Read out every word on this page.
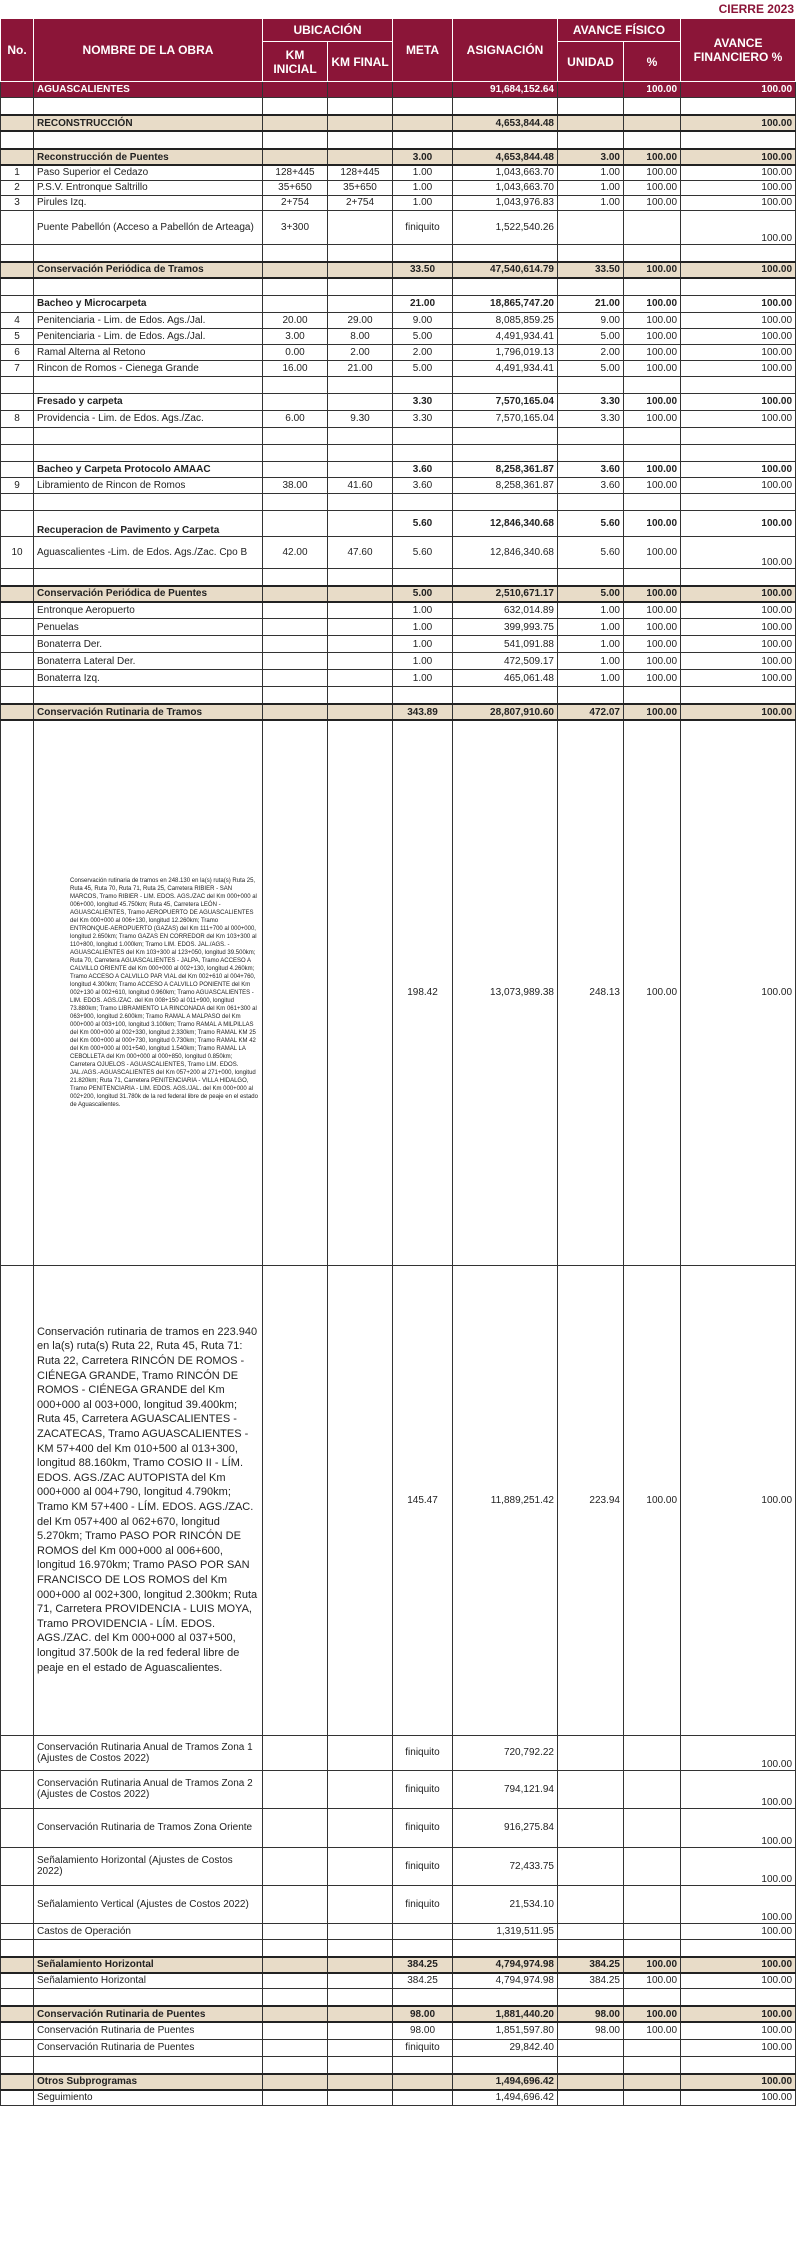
CIERRE 2023
No.	NOMBRE DE LA OBRA	UBICACIÓN		META	ASIGNACIÓN	AVANCE FÍSICO		AVANCE FINANCIERO %
		KM INICIAL	KM FINAL			UNIDAD	%	
	AGUASCALIENTES				91,684,152.64		100.00	100.00

	RECONSTRUCCIÓN				4,653,844.48			100.00

	Reconstrucción de Puentes			3.00	4,653,844.48	3.00	100.00	100.00
1	Paso Superior el Cedazo	128+445	128+445	1.00	1,043,663.70	1.00	100.00	100.00
2	P.S.V. Entronque Saltrillo	35+650	35+650	1.00	1,043,663.70	1.00	100.00	100.00
3	Pirules Izq.	2+754	2+754	1.00	1,043,976.83	1.00	100.00	100.00
	Puente Pabellón (Acceso a Pabellón de Arteaga)	3+300		finiquito	1,522,540.26			100.00

	Conservación Periódica de Tramos			33.50	47,540,614.79	33.50	100.00	100.00

	Bacheo y Microcarpeta			21.00	18,865,747.20	21.00	100.00	100.00
4	Penitenciaria - Lim. de Edos. Ags./Jal.	20.00	29.00	9.00	8,085,859.25	9.00	100.00	100.00
5	Penitenciaria - Lim. de Edos. Ags./Jal.	3.00	8.00	5.00	4,491,934.41	5.00	100.00	100.00
6	Ramal Alterna al Retono	0.00	2.00	2.00	1,796,019.13	2.00	100.00	100.00
7	Rincon de Romos - Cienega Grande	16.00	21.00	5.00	4,491,934.41	5.00	100.00	100.00

	Fresado y carpeta			3.30	7,570,165.04	3.30	100.00	100.00
8	Providencia - Lim. de Edos. Ags./Zac.	6.00	9.30	3.30	7,570,165.04	3.30	100.00	100.00

	Bacheo y Carpeta Protocolo AMAAC			3.60	8,258,361.87	3.60	100.00	100.00
9	Libramiento de Rincon de Romos	38.00	41.60	3.60	8,258,361.87	3.60	100.00	100.00

	Recuperacion de Pavimento y Carpeta			5.60	12,846,340.68	5.60	100.00	100.00
10	Aguascalientes -Lim. de Edos. Ags./Zac. Cpo B	42.00	47.60	5.60	12,846,340.68	5.60	100.00	100.00

	Conservación Periódica de Puentes			5.00	2,510,671.17	5.00	100.00	100.00
	Entronque Aeropuerto			1.00	632,014.89	1.00	100.00	100.00
	Penuelas			1.00	399,993.75	1.00	100.00	100.00
	Bonaterra Der.			1.00	541,091.88	1.00	100.00	100.00
	Bonaterra Lateral Der.			1.00	472,509.17	1.00	100.00	100.00
	Bonaterra Izq.			1.00	465,061.48	1.00	100.00	100.00

	Conservación Rutinaria de Tramos			343.89	28,807,910.60	472.07	100.00	100.00
	Conservación rutinaria de tramos en 248.130 en la(s) ruta(s) Ruta 25, Ruta 45, Ruta 70, Ruta 71, Ruta 25, Carretera RIBIER - SAN MARCOS, Tramo RIBIER - LIM. EDOS. AGS./ZAC del Km 000+000 al 006+000, longitud 45.750km; Ruta 45, Carretera LEÓN - AGUASCALIENTES, Tramo AEROPUERTO DE AGUASCALIENTES del Km 000+000 al 006+130, longitud 12.260km; Tramo ENTRONQUE-AEROPUERTO (GAZAS) del Km 111+700 al 000+000, longitud 2.650km; Tramo GAZAS EN CORREDOR del Km 103+300 al 110+800, longitud 1.000km; Tramo LIM. EDOS. JAL./AGS. - AGUASCALIENTES del Km 103+300 al 123+050, longitud 39.500km; Ruta 70, Carretera AGUASCALIENTES - JALPA, Tramo ACCESO A CALVILLO ORIENTE del Km 000+000 al 002+130, longitud 4.260km; Tramo ACCESO A CALVILLO PAR VIAL del Km 002+610 al 004+760, longitud 4.300km; Tramo ACCESO A CALVILLO PONIENTE del Km 002+130 al 002+610, longitud 0.960km; Tramo AGUASCALIENTES - LIM. EDOS. AGS./ZAC. del Km 008+150 al 011+900, longitud 73.880km; Tramo LIBRAMIENTO LA RINCONADA del Km 061+300 al 063+900, longitud 2.600km; Tramo RAMAL A MALPASO del Km 000+000 al 003+100, longitud 3.100km; Tramo RAMAL A MILPILLAS del Km 000+000 al 002+330, longitud 2.330km; Tramo RAMAL KM 25 del Km 000+000 al 000+730, longitud 0.730km; Tramo RAMAL KM 42 del Km 000+000 al 001+540, longitud 1.540km; Tramo RAMAL LA CEBOLLETA del Km 000+000 al 000+850, longitud 0.850km; Carretera OJUELOS - AGUASCALIENTES, Tramo LIM. EDOS. JAL./AGS.-AGUASCALIENTES del Km 057+200 al 271+000, longitud 21.820km; Ruta 71, Carretera PENITENCIARIA - VILLA HIDALGO, Tramo PENITENCIARIA - LIM. EDOS. AGS./JAL. del Km 000+000 al 002+200, longitud 31.780k de la red federal libre de peaje en el estado de Aguascalientes.			198.42	13,073,989.38	248.13	100.00	100.00
	Conservación rutinaria de tramos en 223.940 en la(s) ruta(s) Ruta 22, Ruta 45, Ruta 71: Ruta 22, Carretera RINCÓN DE ROMOS - CIÉNEGA GRANDE, Tramo RINCÓN DE ROMOS - CIÉNEGA GRANDE del Km 000+000 al 003+000, longitud 39.400km; Ruta 45, Carretera AGUASCALIENTES - ZACATECAS, Tramo AGUASCALIENTES - KM 57+400 del Km 010+500 al 013+300, longitud 88.160km, Tramo COSIO II - LÍM. EDOS. AGS./ZAC AUTOPISTA del Km 000+000 al 004+790, longitud 4.790km; Tramo KM 57+400 - LÍM. EDOS. AGS./ZAC. del Km 057+400 al 062+670, longitud 5.270km; Tramo PASO POR RINCÓN DE ROMOS del Km 000+000 al 006+600, longitud 16.970km; Tramo PASO POR SAN FRANCISCO DE LOS ROMOS del Km 000+000 al 002+300, longitud 2.300km; Ruta 71, Carretera PROVIDENCIA - LUIS MOYA, Tramo PROVIDENCIA - LÍM. EDOS. AGS./ZAC. del Km 000+000 al 037+500, longitud 37.500k de la red federal libre de peaje en el estado de Aguascalientes.			145.47	11,889,251.42	223.94	100.00	100.00
	Conservación Rutinaria Anual de Tramos Zona 1 (Ajustes de Costos 2022)			finiquito	720,792.22			100.00
	Conservación Rutinaria Anual de Tramos Zona 2 (Ajustes de Costos 2022)			finiquito	794,121.94			100.00
	Conservación Rutinaria de Tramos Zona Oriente			finiquito	916,275.84			100.00
	Señalamiento Horizontal (Ajustes de Costos 2022)			finiquito	72,433.75			100.00
	Señalamiento Vertical (Ajustes de Costos 2022)			finiquito	21,534.10			100.00
	Castos de Operación				1,319,511.95			100.00

	Señalamiento Horizontal			384.25	4,794,974.98	384.25	100.00	100.00
	Señalamiento Horizontal			384.25	4,794,974.98	384.25	100.00	100.00

	Conservación Rutinaria de Puentes			98.00	1,881,440.20	98.00	100.00	100.00
	Conservación Rutinaria de Puentes			98.00	1,851,597.80	98.00	100.00	100.00
	Conservación Rutinaria de Puentes			finiquito	29,842.40			100.00

	Otros Subprogramas				1,494,696.42			100.00
	Seguimiento				1,494,696.42			100.00
